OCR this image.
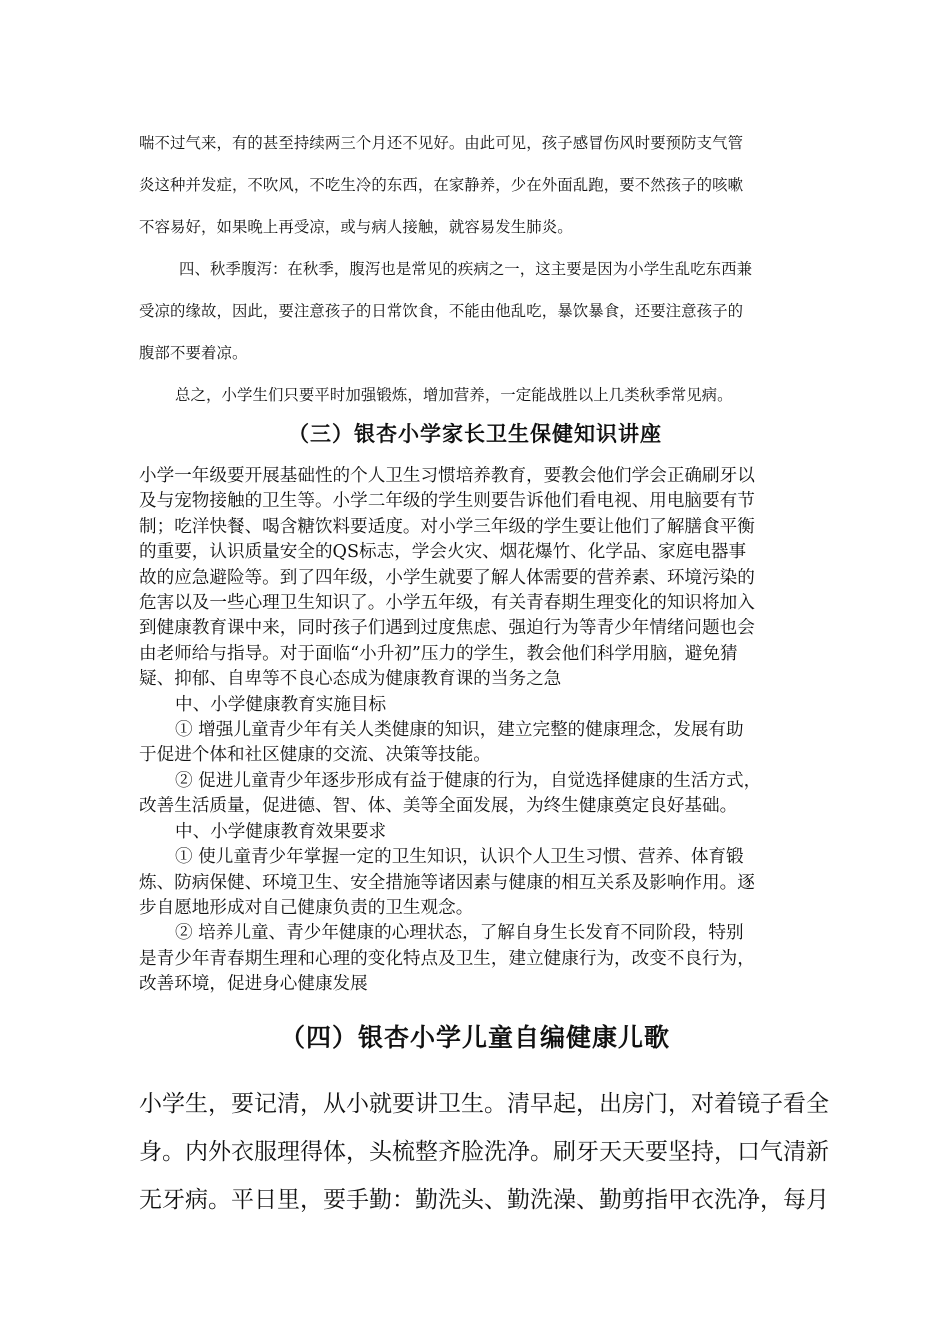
喘不过气来，有的甚至持续两三个月还不见好。由此可见，孩子感冒伤风时要预防支气管
炎这种并发症，不吹风，不吃生冷的东西，在家静养，少在外面乱跑，要不然孩子的咳嗽
不容易好，如果晚上再受凉，或与病人接触，就容易发生肺炎。

四、秋季腹泻：在秋季，腹泻也是常见的疾病之一，这主要是因为小学生乱吃东西兼
受凉的缘故，因此，要注意孩子的日常饮食，不能由他乱吃，暴饮暴食，还要注意孩子的
腹部不要着凉。

总之，小学生们只要平时加强锻炼，增加营养，一定能战胜以上几类秋季常见病。

（三）银杏小学家长卫生保健知识讲座

小学一年级要开展基础性的个人卫生习惯培养教育，要教会他们学会正确刷牙以
及与宠物接触的卫生等。小学二年级的学生则要告诉他们看电视、用电脑要有节
制；吃洋快餐、喝含糖饮料要适度。对小学三年级的学生要让他们了解膳食平衡
的重要，认识质量安全的QS标志，学会火灾、烟花爆竹、化学品、家庭电器事
故的应急避险等。到了四年级，小学生就要了解人体需要的营养素、环境污染的
危害以及一些心理卫生知识了。小学五年级，有关青春期生理变化的知识将加入
到健康教育课中来，同时孩子们遇到过度焦虑、强迫行为等青少年情绪问题也会
由老师给与指导。对于面临“小升初”压力的学生，教会他们科学用脑，避免猜
疑、抑郁、自卑等不良心态成为健康教育课的当务之急
中、小学健康教育实施目标
① 增强儿童青少年有关人类健康的知识，建立完整的健康理念，发展有助
于促进个体和社区健康的交流、决策等技能。
② 促进儿童青少年逐步形成有益于健康的行为，自觉选择健康的生活方式，
改善生活质量，促进德、智、体、美等全面发展，为终生健康奠定良好基础。
中、小学健康教育效果要求
① 使儿童青少年掌握一定的卫生知识，认识个人卫生习惯、营养、体育锻
炼、防病保健、环境卫生、安全措施等诸因素与健康的相互关系及影响作用。逐
步自愿地形成对自己健康负责的卫生观念。
② 培养儿童、青少年健康的心理状态，了解自身生长发育不同阶段，特别
是青少年青春期生理和心理的变化特点及卫生，建立健康行为，改变不良行为，
改善环境，促进身心健康发展

（四）银杏小学儿童自编健康儿歌

小学生，要记清，从小就要讲卫生。清早起，出房门，对着镜子看全
身。内外衣服理得体，头梳整齐脸洗净。刷牙天天要坚持，口气清新
无牙病。平日里，要手勤：勤洗头、勤洗澡、勤剪指甲衣洗净，每月
